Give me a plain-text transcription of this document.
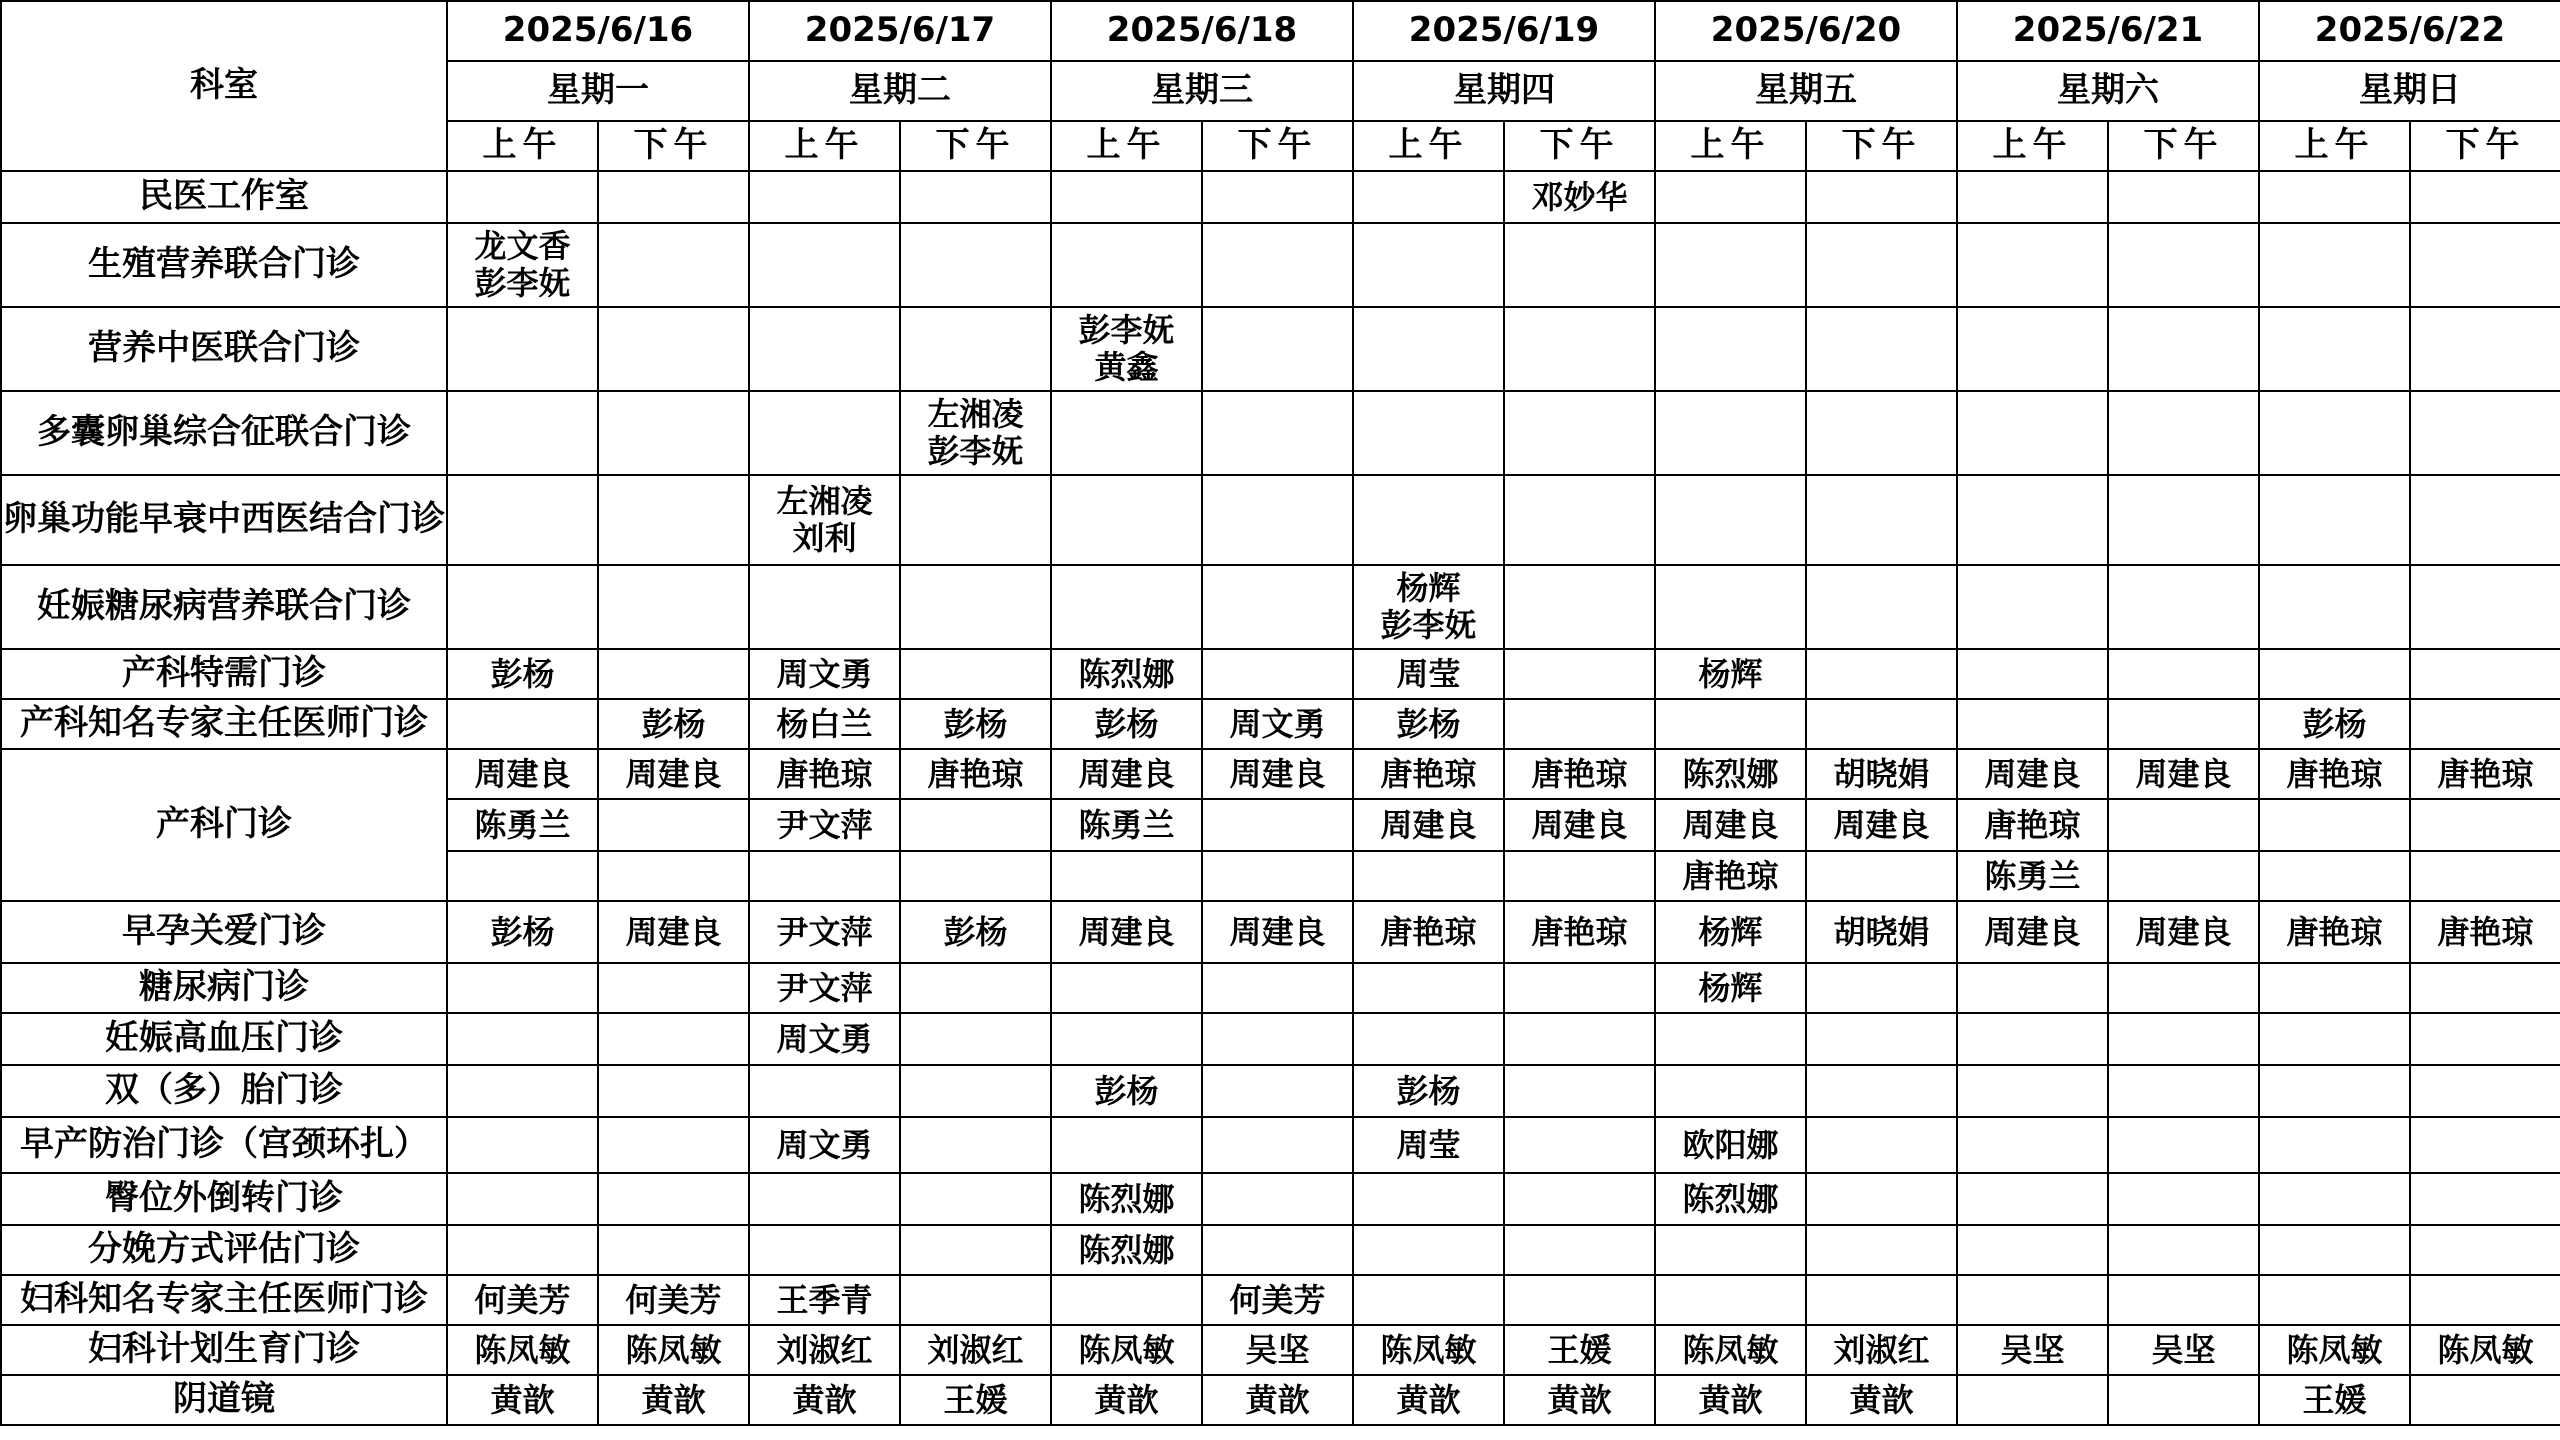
科室	2025/6/16		2025/6/17		2025/6/18		2025/6/19		2025/6/20		2025/6/21		2025/6/22	
	星期一		星期二		星期三		星期四		星期五		星期六		星期日	
	上午	下午	上午	下午	上午	下午	上午	下午	上午	下午	上午	下午	上午	下午
民医工作室								邓妙华						
生殖营养联合门诊	龙文香
彭李妩													

营养中医联合门诊					彭李妩
黄鑫									

多囊卵巢综合征联合门诊				左湘凌
彭李妩										

卵巢功能早衰中西医结合门诊			左湘凌
刘利											

妊娠糖尿病营养联合门诊							杨辉
彭李妩							

产科特需门诊	彭杨		周文勇		陈烈娜		周莹		杨辉					
产科知名专家主任医师门诊		彭杨	杨白兰	彭杨	彭杨	周文勇	彭杨						彭杨	
产科门诊	周建良	周建良	唐艳琼	唐艳琼	周建良	周建良	唐艳琼	唐艳琼	陈烈娜	胡晓娟	周建良	周建良	唐艳琼	唐艳琼
	陈勇兰		尹文萍		陈勇兰		周建良	周建良	周建良	周建良	唐艳琼			
									唐艳琼		陈勇兰			
早孕关爱门诊	彭杨	周建良	尹文萍	彭杨	周建良	周建良	唐艳琼	唐艳琼	杨辉	胡晓娟	周建良	周建良	唐艳琼	唐艳琼
糖尿病门诊			尹文萍						杨辉					
妊娠高血压门诊			周文勇											
双（多）胎门诊					彭杨		彭杨							
早产防治门诊（宫颈环扎）			周文勇				周莹		欧阳娜					
臀位外倒转门诊					陈烈娜				陈烈娜					
分娩方式评估门诊					陈烈娜									
妇科知名专家主任医师门诊	何美芳	何美芳	王季青			何美芳								
妇科计划生育门诊	陈凤敏	陈凤敏	刘淑红	刘淑红	陈凤敏	吴坚	陈凤敏	王媛	陈凤敏	刘淑红	吴坚	吴坚	陈凤敏	陈凤敏
阴道镜	黄歆	黄歆	黄歆	王媛	黄歆	黄歆	黄歆	黄歆	黄歆	黄歆			王媛	
